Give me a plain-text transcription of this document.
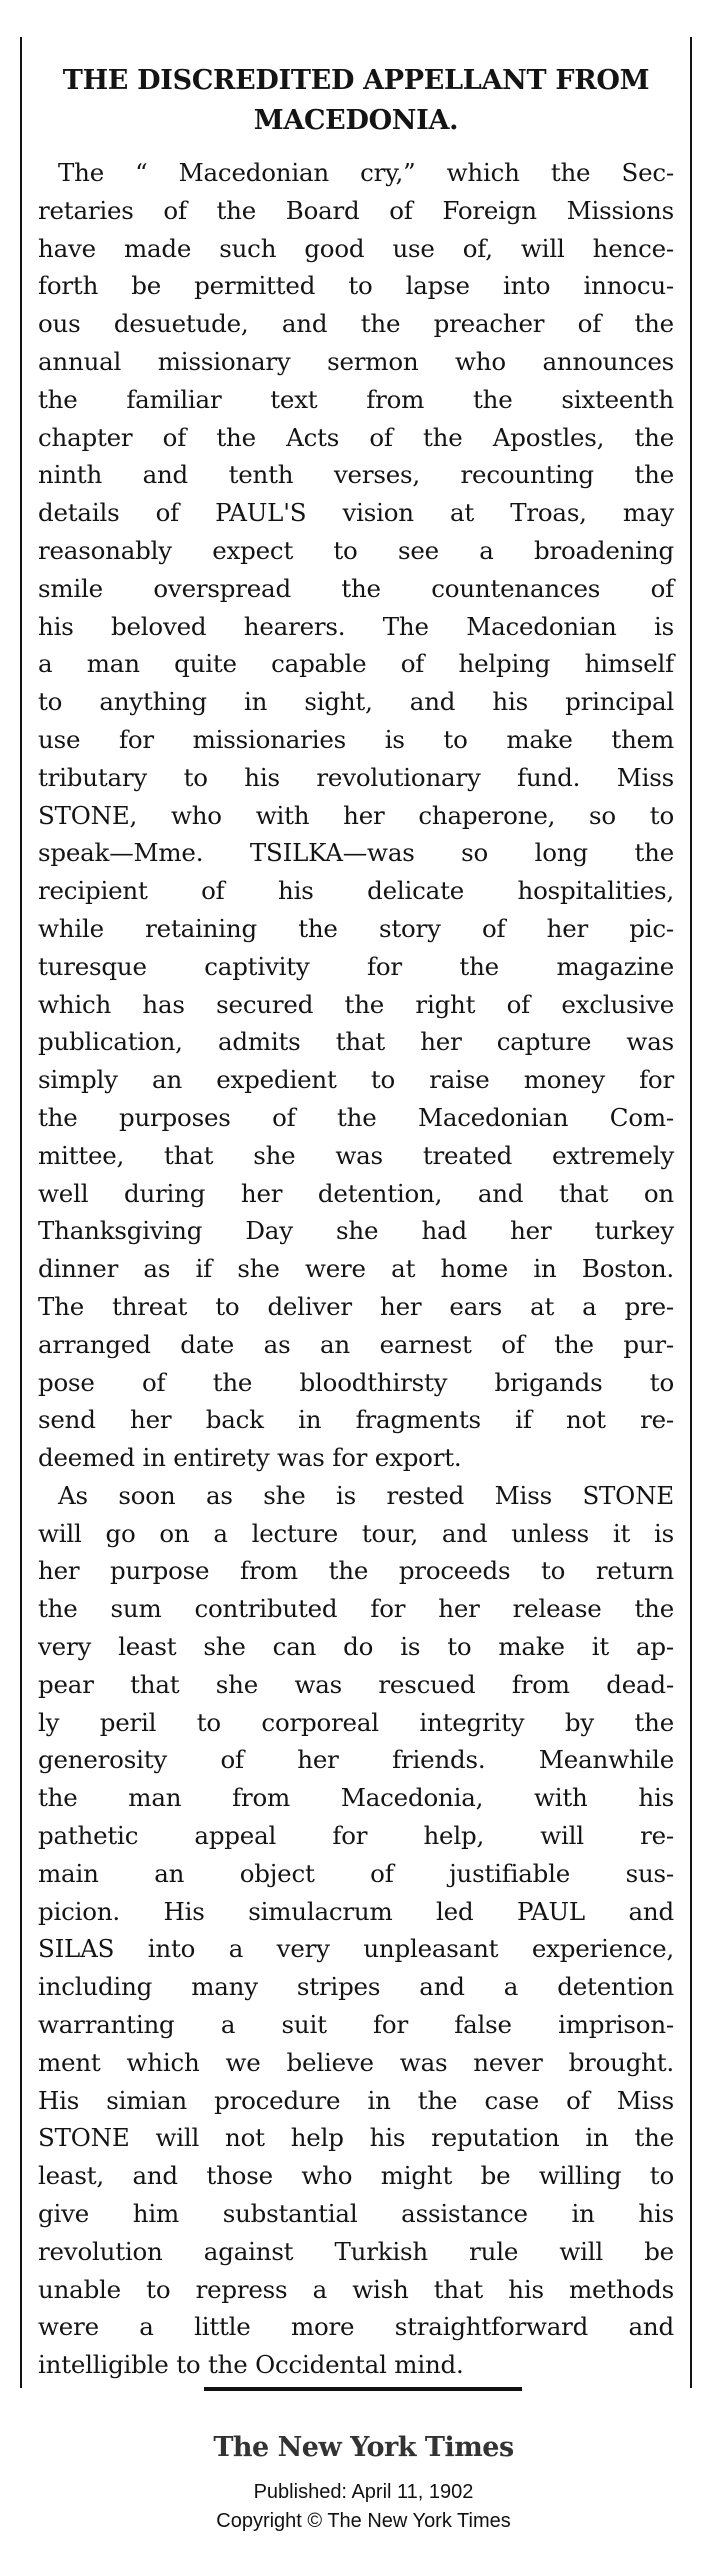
THE DISCREDITED APPELLANT FROM
MACEDONIA.
The “ Macedonian cry,” which the Sec-
retaries of the Board of Foreign Missions
have made such good use of, will hence-
forth be permitted to lapse into innocu-
ous desuetude, and the preacher of the
annual missionary sermon who announces
the familiar text from the sixteenth
chapter of the Acts of the Apostles, the
ninth and tenth verses, recounting the
details of PAUL'S vision at Troas, may
reasonably expect to see a broadening
smile overspread the countenances of
his beloved hearers. The Macedonian is
a man quite capable of helping himself
to anything in sight, and his principal
use for missionaries is to make them
tributary to his revolutionary fund. Miss
STONE, who with her chaperone, so to
speak—Mme. TSILKA—was so long the
recipient of his delicate hospitalities,
while retaining the story of her pic-
turesque captivity for the magazine
which has secured the right of exclusive
publication, admits that her capture was
simply an expedient to raise money for
the purposes of the Macedonian Com-
mittee, that she was treated extremely
well during her detention, and that on
Thanksgiving Day she had her turkey
dinner as if she were at home in Boston.
The threat to deliver her ears at a pre-
arranged date as an earnest of the pur-
pose of the bloodthirsty brigands to
send her back in fragments if not re-
deemed in entirety was for export.
As soon as she is rested Miss STONE
will go on a lecture tour, and unless it is
her purpose from the proceeds to return
the sum contributed for her release the
very least she can do is to make it ap-
pear that she was rescued from dead-
ly peril to corporeal integrity by the
generosity of her friends. Meanwhile
the man from Macedonia, with his
pathetic appeal for help, will re-
main an object of justifiable sus-
picion. His simulacrum led PAUL and
SILAS into a very unpleasant experience,
including many stripes and a detention
warranting a suit for false imprison-
ment which we believe was never brought.
His simian procedure in the case of Miss
STONE will not help his reputation in the
least, and those who might be willing to
give him substantial assistance in his
revolution against Turkish rule will be
unable to repress a wish that his methods
were a little more straightforward and
intelligible to the Occidental mind.
The New York Times
Published: April 11, 1902
Copyright © The New York Times
